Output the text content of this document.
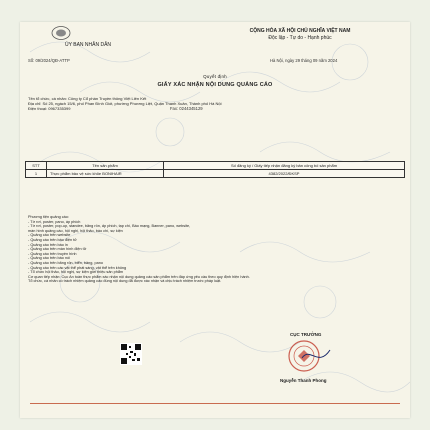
ỦY BAN NHÂN DÂN
CỘNG HÒA XÃ HỘI CHỦ NGHĨA VIỆT NAM
Độc lập - Tự do - Hạnh phúc
Số: 09/2024/QĐ-ATTP	Hà Nội, ngày 29 tháng 09 năm 2024
Quyết định
GIẤY XÁC NHẬN NỘI DUNG QUẢNG CÁO
Tên tổ chức, cá nhân: Công ty Cổ phần Truyền thông Việt Liên Kết
Địa chỉ: Số 25, ngách 15/6, phố Phan Đình Giót, phường Phương Liệt, Quận Thanh Xuân, Thành phố Hà Nội
Điện thoại: 0967335399	Fax: 0244345129
STT	Tên sản phẩm	Số đăng ký / Giấy tiếp nhận đăng ký bản công bố sản phẩm
1	Thực phẩm bảo vệ sức khỏe BONIHAIR	4382/2022/ĐKSP
Phương tiện quảng cáo:
- Tờ rơi, poster, pano, áp phích
- Tờ rơi, poster, pop-up, standee, băng rôn, ấp phích, tạp chí, Báo mạng, Banner, pano, website,
màn hình quảng cáo, hội nghị, hội thảo, báo chí, sự kiện
- Quảng cáo trên website
- Quảng cáo trên báo điện tử
- Quảng cáo trên báo in
- Quảng cáo trên màn hình điện tử
- Quảng cáo trên truyền hình
- Quảng cáo trên báo nói
- Quảng cáo trên băng rôn, biển, bảng, pano
- Quảng cáo trên các vật thể phát sáng, vật thể trên không
- Tổ chức hội thảo, hội nghị, sự kiện giới thiệu sản phẩm
Cơ quan tiếp nhận: Cục An toàn thực phẩm xác nhận nội dung quảng cáo sản phẩm trên đáp ứng yêu cầu theo quy định hiện hành.
Tổ chức, cá nhân có trách nhiệm quảng cáo đúng nội dung đã được xác nhận và chịu trách nhiệm trước pháp luật.
CỤC TRƯỞNG
Nguyễn Thanh Phong
